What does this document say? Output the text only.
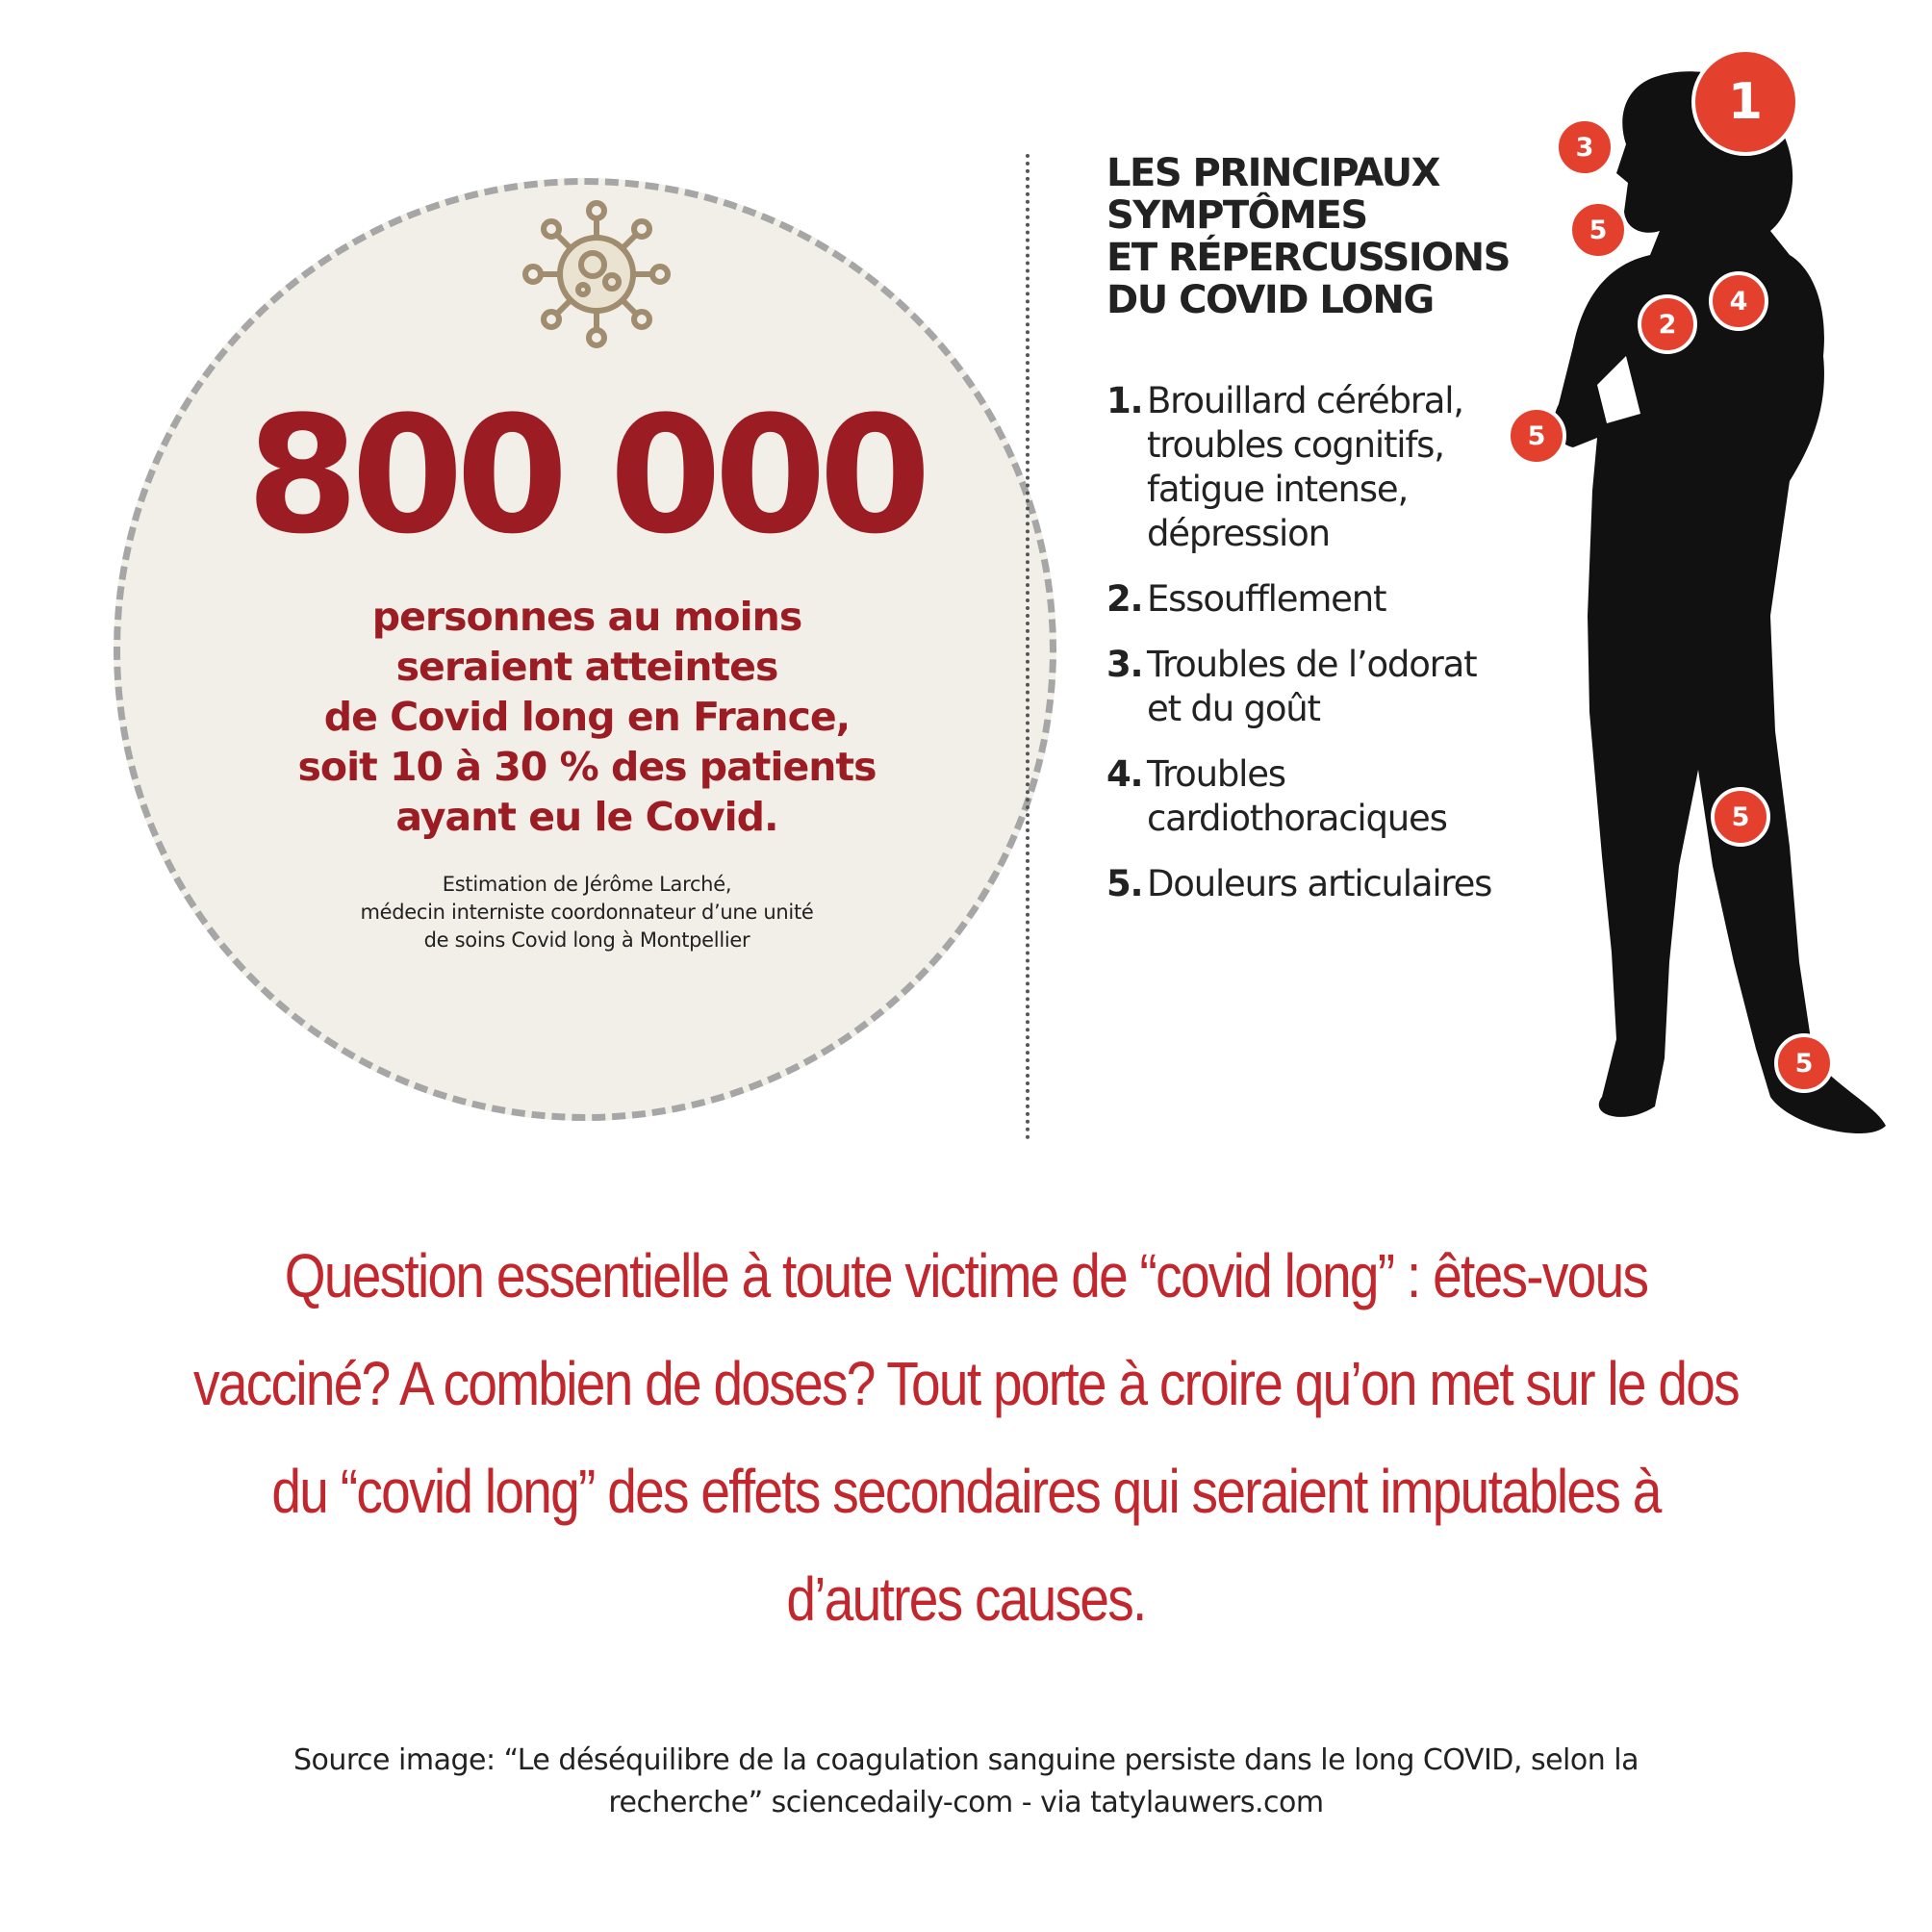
800 000
personnes au moins
seraient atteintes
de Covid long en France,
soit 10 à 30 % des patients
ayant eu le Covid.
Estimation de Jérôme Larché,
médecin interniste coordonnateur d’une unité
de soins Covid long à Montpellier
LES PRINCIPAUX
SYMPTÔMES
ET RÉPERCUSSIONS
DU COVID LONG
1. Brouillard cérébral,
troubles cognitifs,
fatigue intense,
dépression
2. Essoufflement
3. Troubles de l’odorat
et du goût
4. Troubles
cardiothoraciques
5. Douleurs articulaires
1
3
5
4
2
5
5
5
Question essentielle à toute victime de “covid long” : êtes-vous vacciné? A combien de doses? Tout porte à croire qu’on met sur le dos du “covid long” des effets secondaires qui seraient imputables à d’autres causes.
Source image: “Le déséquilibre de la coagulation sanguine persiste dans le long COVID, selon la recherche” sciencedaily-com - via tatylauwers.com
